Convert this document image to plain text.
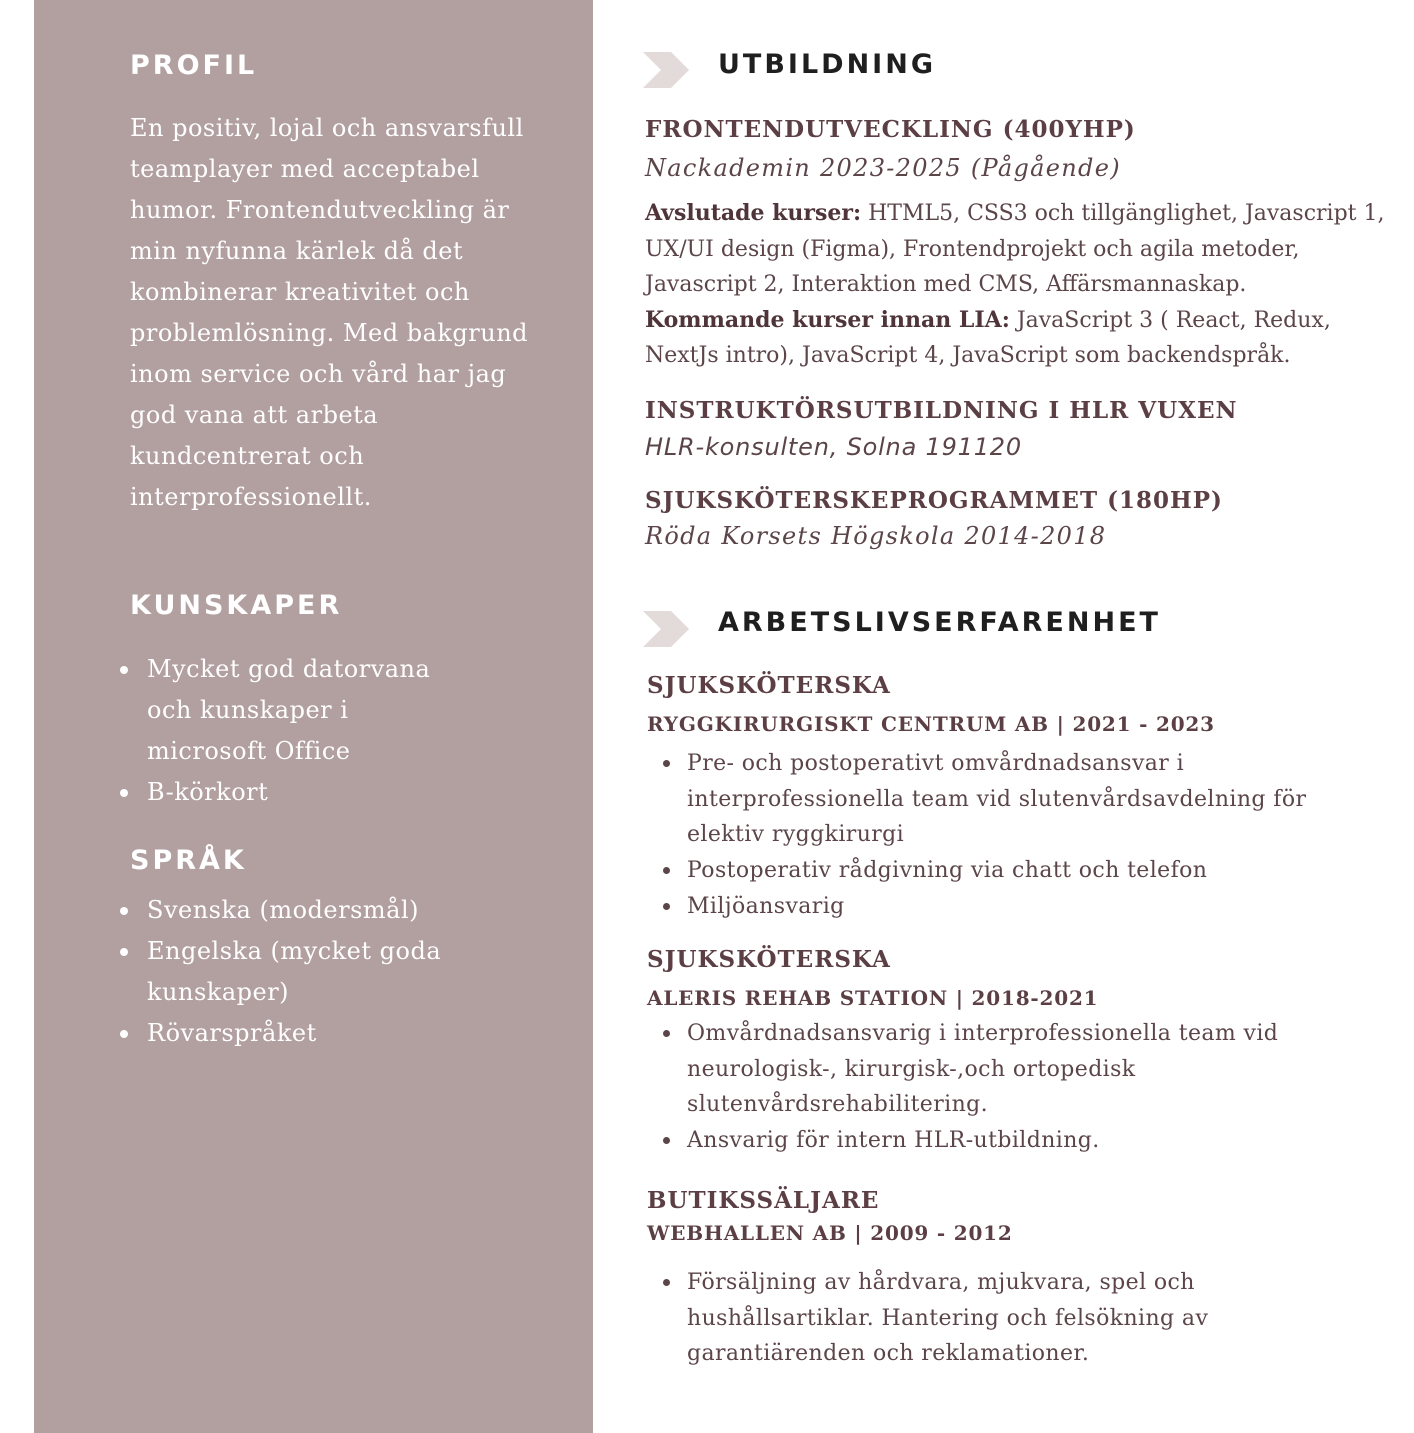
PROFIL

En positiv, lojal och ansvarsfull teamplayer med acceptabel humor. Frontendutveckling är min nyfunna kärlek då det kombinerar kreativitet och problemlösning. Med bakgrund inom service och vård har jag god vana att arbeta kundcentrerat och interprofessionellt.

KUNSKAPER
Mycket god datorvana och kunskaper i microsoft Office
B-körkort
SPRÅK
Svenska (modersmål)
Engelska (mycket goda kunskaper)
Rövarspråket
UTBILDNING
FRONTENDUTVECKLING (400YHP)

Nackademin 2023-2025 (Pågående)

Avslutade kurser: HTML5, CSS3 och tillgänglighet, Javascript 1, UX/UI design (Figma), Frontendprojekt och agila metoder, Javascript 2, Interaktion med CMS, Affärsmannaskap.
Kommande kurser innan LIA: JavaScript 3 ( React, Redux, NextJs intro), JavaScript 4, JavaScript som backendspråk.

INSTRUKTÖRSUTBILDNING I HLR VUXEN

HLR-konsulten, Solna 191120

SJUKSKÖTERSKEPROGRAMMET (180HP)

Röda Korsets Högskola 2014-2018

ARBETSLIVSERFARENHET
SJUKSKÖTERSKA

RYGGKIRURGISKT CENTRUM AB | 2021 - 2023

Pre- och postoperativt omvårdnadsansvar i interprofessionella team vid slutenvårdsavdelning för elektiv ryggkirurgi
Postoperativ rådgivning via chatt och telefon
Miljöansvarig
SJUKSKÖTERSKA

ALERIS REHAB STATION | 2018-2021

Omvårdnadsansvarig i interprofessionella team vid neurologisk-, kirurgisk-,och ortopedisk slutenvårdsrehabilitering.
Ansvarig för intern HLR-utbildning.
BUTIKSSÄLJARE

WEBHALLEN AB | 2009 - 2012

Försäljning av hårdvara, mjukvara, spel och hushållsartiklar. Hantering och felsökning av garantiärenden och reklamationer.
